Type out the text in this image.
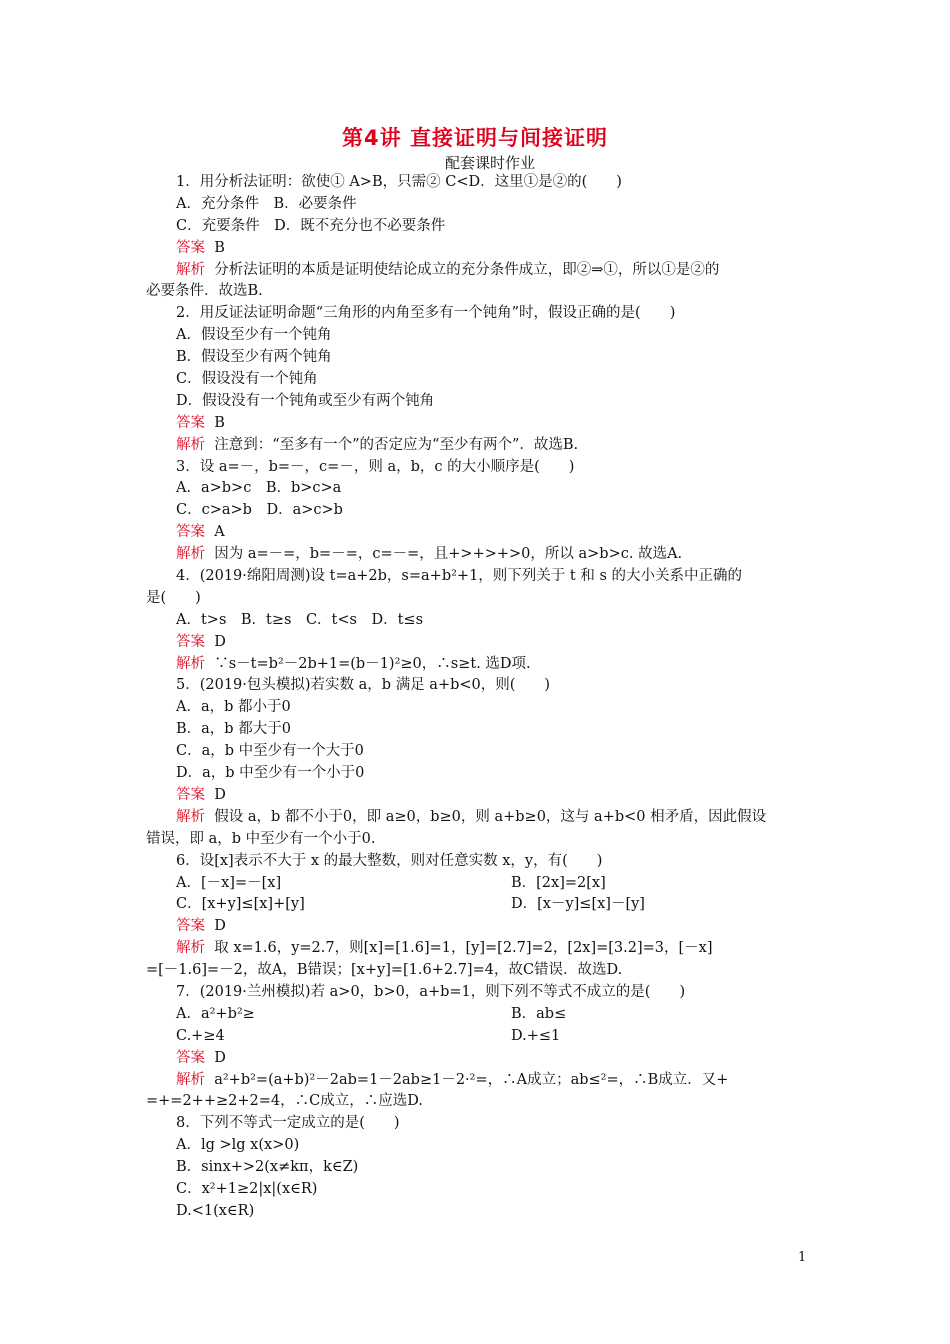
第4讲 直接证明与间接证明
配套课时作业
1．用分析法证明：欲使① A>B，只需② C<D．这里①是②的(　　)
A．充分条件　B．必要条件
C．充要条件　D．既不充分也不必要条件
答案 B
解析 分析法证明的本质是证明使结论成立的充分条件成立，即②⇒①，所以①是②的
必要条件．故选B.
2．用反证法证明命题“三角形的内角至多有一个钝角”时，假设正确的是(　　)
A．假设至少有一个钝角
B．假设至少有两个钝角
C．假设没有一个钝角
D．假设没有一个钝角或至少有两个钝角
答案 B
解析 注意到：“至多有一个”的否定应为“至少有两个”．故选B.
3．设 a=－，b=－，c=－，则 a，b，c 的大小顺序是(　　)
A．a>b>c　B．b>c>a
C．c>a>b　D．a>c>b
答案 A
解析 因为 a=－=，b=－=，c=－=，且+>+>+>0，所以 a>b>c. 故选A.
4．(2019·绵阳周测)设 t=a+2b，s=a+b²+1，则下列关于 t 和 s 的大小关系中正确的
是(　　)
A．t>s　B．t≥s　C．t<s　D．t≤s
答案 D
解析 ∵s－t=b²－2b+1=(b－1)²≥0，∴s≥t. 选D项.
5．(2019·包头模拟)若实数 a，b 满足 a+b<0，则(　　)
A．a，b 都小于0
B．a，b 都大于0
C．a，b 中至少有一个大于0
D．a，b 中至少有一个小于0
答案 D
解析 假设 a，b 都不小于0，即 a≥0，b≥0，则 a+b≥0，这与 a+b<0 相矛盾，因此假设
错误，即 a，b 中至少有一个小于0.
6．设[x]表示不大于 x 的最大整数，则对任意实数 x，y，有(　　)
A．[－x]=－[x]	B．[2x]=2[x]
C．[x+y]≤[x]+[y]	D．[x－y]≤[x]－[y]
答案 D
解析 取 x=1.6，y=2.7，则[x]=[1.6]=1，[y]=[2.7]=2，[2x]=[3.2]=3，[－x]
=[－1.6]=－2，故A，B错误；[x+y]=[1.6+2.7]=4，故C错误．故选D.
7．(2019·兰州模拟)若 a>0，b>0，a+b=1，则下列不等式不成立的是(　　)
A．a²+b²≥	B．ab≤
C.+≥4	D.+≤1
答案 D
解析 a²+b²=(a+b)²－2ab=1－2ab≥1－2·²=，∴A成立；ab≤²=，∴B成立．又+
=+=2++≥2+2=4，∴C成立，∴应选D.
8．下列不等式一定成立的是(　　)
A．lg >lg x(x>0)
B．sinx+>2(x≠kπ，k∈Z)
C．x²+1≥2|x|(x∈R)
D.<1(x∈R)
1
